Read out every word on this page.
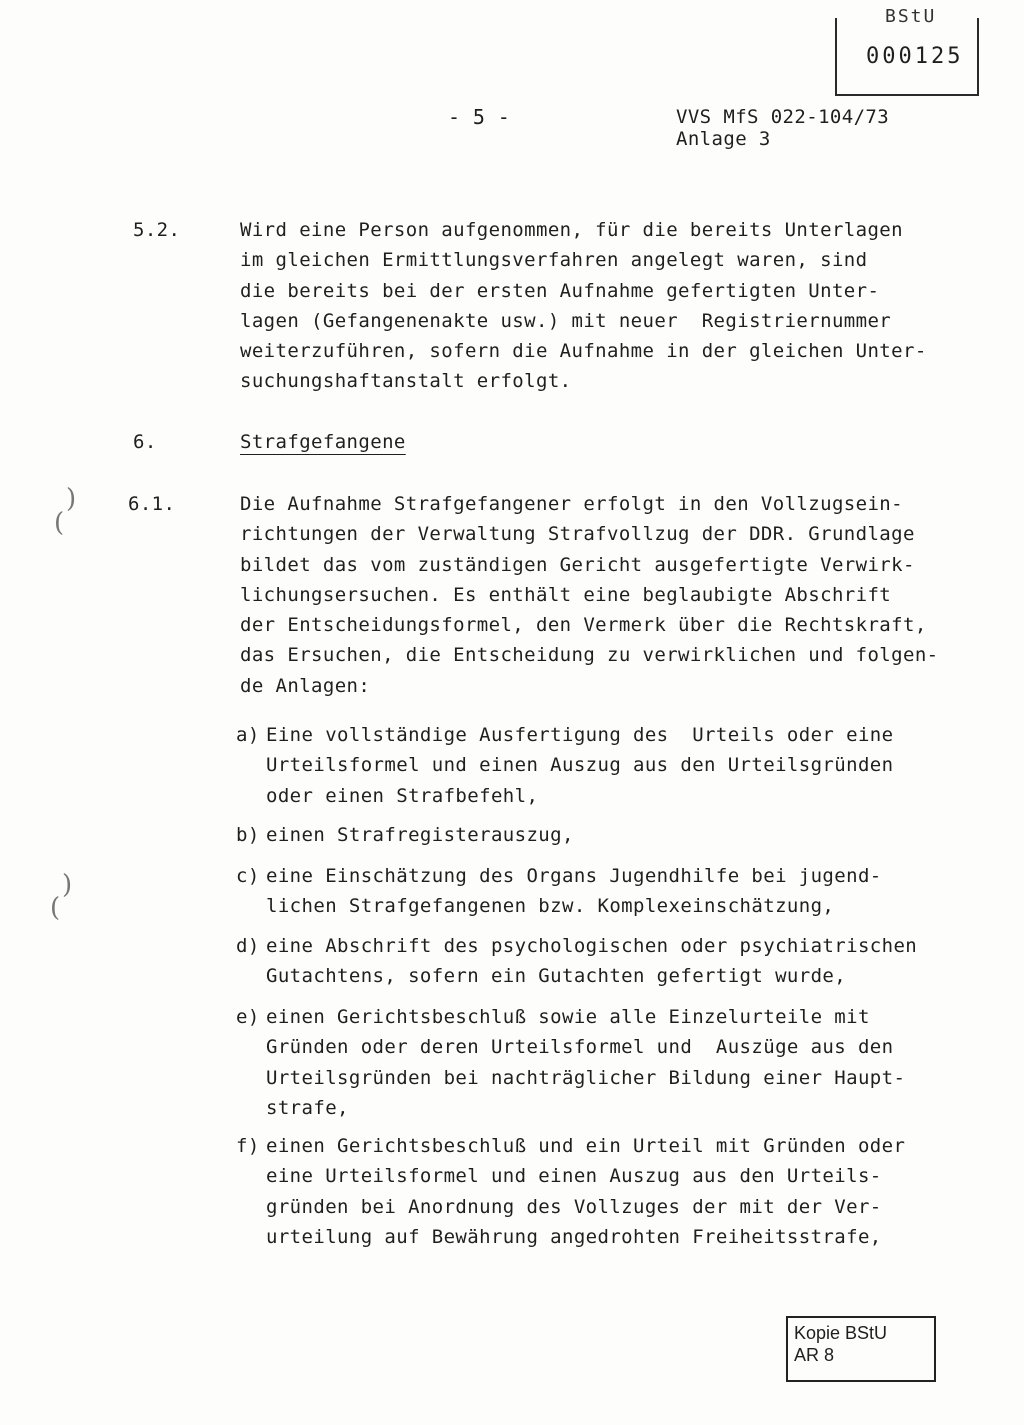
BStU
000125
- 5 -	VVS MfS 022-104/73
Anlage 3
5.2.	Wird eine Person aufgenommen, für die bereits Unterlagen
im gleichen Ermittlungsverfahren angelegt waren, sind
die bereits bei der ersten Aufnahme gefertigten Unter-
lagen (Gefangenenakte usw.) mit neuer  Registriernummer
weiterzuführen, sofern die Aufnahme in der gleichen Unter-
suchungshaftanstalt erfolgt.
6.	Strafgefangene
)
(
)
(
6.1.	Die Aufnahme Strafgefangener erfolgt in den Vollzugsein-
richtungen der Verwaltung Strafvollzug der DDR. Grundlage
bildet das vom zuständigen Gericht ausgefertigte Verwirk-
lichungsersuchen. Es enthält eine beglaubigte Abschrift
der Entscheidungsformel, den Vermerk über die Rechtskraft,
das Ersuchen, die Entscheidung zu verwirklichen und folgen-
de Anlagen:
a) Eine vollständige Ausfertigung des  Urteils oder eine
Urteilsformel und einen Auszug aus den Urteilsgründen
oder einen Strafbefehl,
b) einen Strafregisterauszug,
c) eine Einschätzung des Organs Jugendhilfe bei jugend-
lichen Strafgefangenen bzw. Komplexeinschätzung,
d) eine Abschrift des psychologischen oder psychiatrischen
Gutachtens, sofern ein Gutachten gefertigt wurde,
e) einen Gerichtsbeschluß sowie alle Einzelurteile mit
Gründen oder deren Urteilsformel und  Auszüge aus den
Urteilsgründen bei nachträglicher Bildung einer Haupt-
strafe,
f) einen Gerichtsbeschluß und ein Urteil mit Gründen oder
eine Urteilsformel und einen Auszug aus den Urteils-
gründen bei Anordnung des Vollzuges der mit der Ver-
urteilung auf Bewährung angedrohten Freiheitsstrafe,
Kopie BStU
AR 8
